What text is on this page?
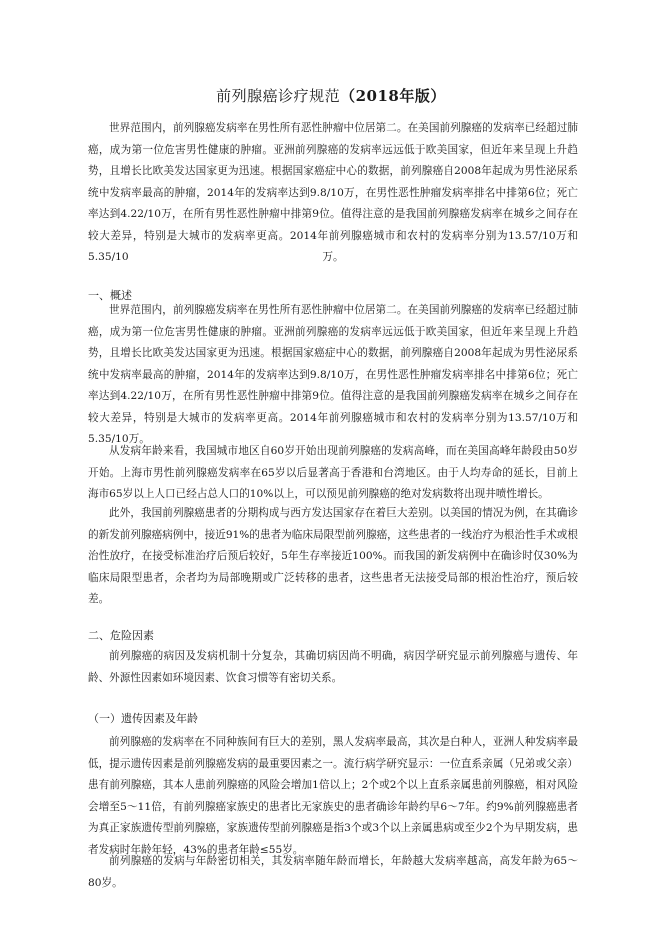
前列腺癌诊疗规范（2018年版）

世界范围内，前列腺癌发病率在男性所有恶性肿瘤中位居第二。在美国前列腺癌的发病率已经超过肺癌，成为第一位危害男性健康的肿瘤。亚洲前列腺癌的发病率远远低于欧美国家，但近年来呈现上升趋势，且增长比欧美发达国家更为迅速。根据国家癌症中心的数据，前列腺癌自2008年起成为男性泌尿系统中发病率最高的肿瘤，2014年的发病率达到9.8/10万，在男性恶性肿瘤发病率排名中排第6位；死亡率达到4.22/10万，在所有男性恶性肿瘤中排第9位。值得注意的是我国前列腺癌发病率在城乡之间存在较大差异，特别是大城市的发病率更高。2014年前列腺癌城市和农村的发病率分别为13.57/10万和5.35/10	万。

一、概述

世界范围内，前列腺癌发病率在男性所有恶性肿瘤中位居第二。在美国前列腺癌的发病率已经超过肺癌，成为第一位危害男性健康的肿瘤。亚洲前列腺癌的发病率远远低于欧美国家，但近年来呈现上升趋势，且增长比欧美发达国家更为迅速。根据国家癌症中心的数据，前列腺癌自2008年起成为男性泌尿系统中发病率最高的肿瘤，2014年的发病率达到9.8/10万，在男性恶性肿瘤发病率排名中排第6位；死亡率达到4.22/10万，在所有男性恶性肿瘤中排第9位。值得注意的是我国前列腺癌发病率在城乡之间存在较大差异，特别是大城市的发病率更高。2014年前列腺癌城市和农村的发病率分别为13.57/10万和5.35/10万。

从发病年龄来看，我国城市地区自60岁开始出现前列腺癌的发病高峰，而在美国高峰年龄段由50岁开始。上海市男性前列腺癌发病率在65岁以后显著高于香港和台湾地区。由于人均寿命的延长，目前上海市65岁以上人口已经占总人口的10%以上，可以预见前列腺癌的绝对发病数将出现井喷性增长。

此外，我国前列腺癌患者的分期构成与西方发达国家存在着巨大差别。以美国的情况为例，在其确诊的新发前列腺癌病例中，接近91%的患者为临床局限型前列腺癌，这些患者的一线治疗为根治性手术或根治性放疗，在接受标准治疗后预后较好，5年生存率接近100%。而我国的新发病例中在确诊时仅30%为临床局限型患者，余者均为局部晚期或广泛转移的患者，这些患者无法接受局部的根治性治疗，预后较差。

二、危险因素

前列腺癌的病因及发病机制十分复杂，其确切病因尚不明确，病因学研究显示前列腺癌与遗传、年龄、外源性因素如环境因素、饮食习惯等有密切关系。

（一）遗传因素及年龄

前列腺癌的发病率在不同种族间有巨大的差别，黑人发病率最高，其次是白种人，亚洲人种发病率最低，提示遗传因素是前列腺癌发病的最重要因素之一。流行病学研究显示：一位直系亲属（兄弟或父亲）患有前列腺癌，其本人患前列腺癌的风险会增加1倍以上；2个或2个以上直系亲属患前列腺癌，相对风险会增至5～11倍，有前列腺癌家族史的患者比无家族史的患者确诊年龄约早6～7年。约9%前列腺癌患者为真正家族遗传型前列腺癌，家族遗传型前列腺癌是指3个或3个以上亲属患病或至少2个为早期发病，患者发病时年龄年轻，43%的患者年龄≤55岁。

前列腺癌的发病与年龄密切相关，其发病率随年龄而增长，年龄越大发病率越高，高发年龄为65～80岁。
